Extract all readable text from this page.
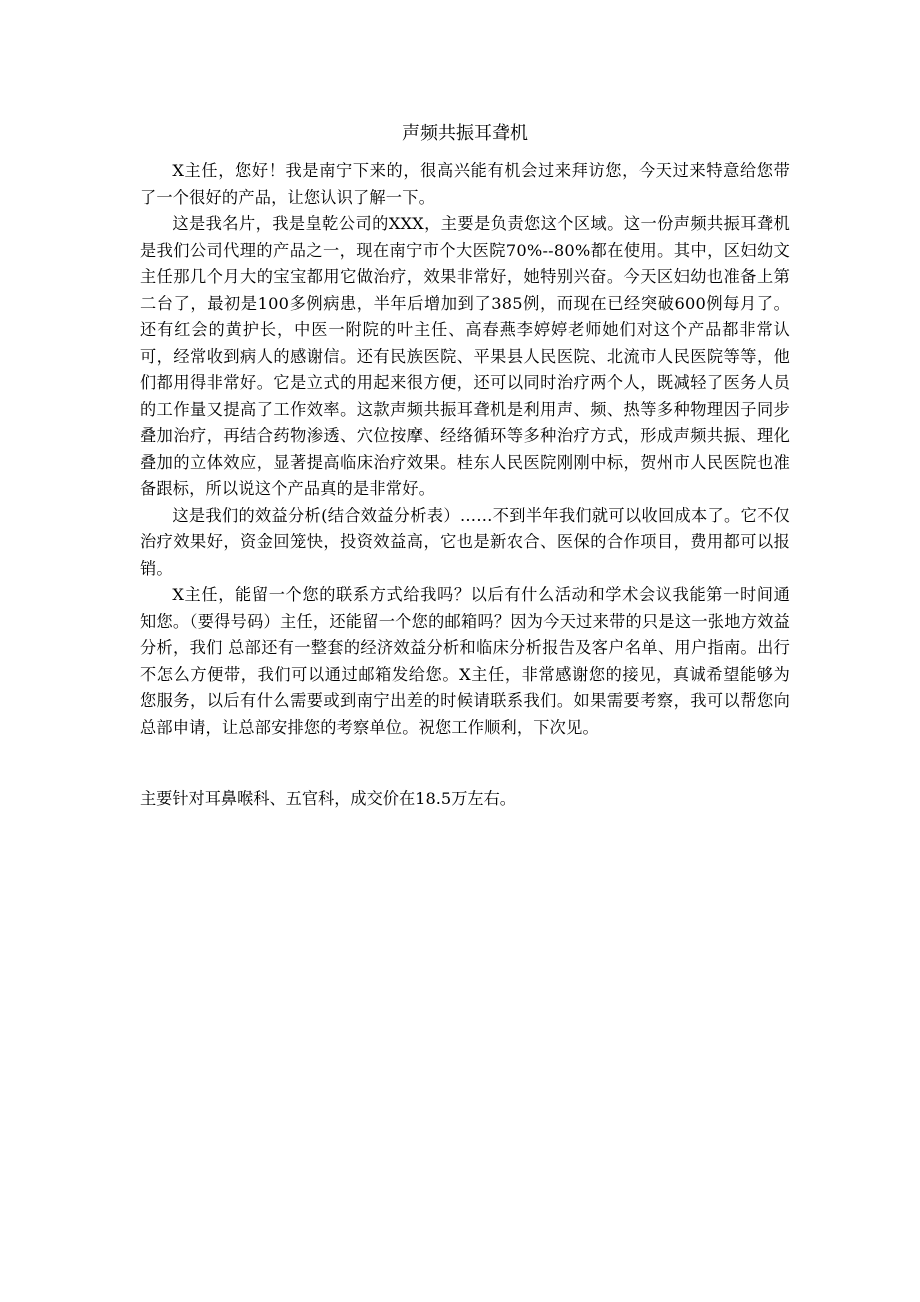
声频共振耳聋机

X主任，您好！我是南宁下来的，很高兴能有机会过来拜访您，今天过来特意给您带了一个很好的产品，让您认识了解一下。

这是我名片，我是皇乾公司的XXX，主要是负责您这个区域。这一份声频共振耳聋机是我们公司代理的产品之一，现在南宁市个大医院70%--80%都在使用。其中，区妇幼文主任那几个月大的宝宝都用它做治疗，效果非常好，她特别兴奋。今天区妇幼也准备上第二台了，最初是100多例病患，半年后增加到了385例，而现在已经突破600例每月了。还有红会的黄护长，中医一附院的叶主任、高春燕李婷婷老师她们对这个产品都非常认可，经常收到病人的感谢信。还有民族医院、平果县人民医院、北流市人民医院等等，他们都用得非常好。它是立式的用起来很方便，还可以同时治疗两个人，既减轻了医务人员的工作量又提高了工作效率。这款声频共振耳聋机是利用声、频、热等多种物理因子同步叠加治疗，再结合药物渗透、穴位按摩、经络循环等多种治疗方式，形成声频共振、理化叠加的立体效应，显著提高临床治疗效果。桂东人民医院刚刚中标，贺州市人民医院也准备跟标，所以说这个产品真的是非常好。

这是我们的效益分析(结合效益分析表）……不到半年我们就可以收回成本了。它不仅治疗效果好，资金回笼快，投资效益高，它也是新农合、医保的合作项目，费用都可以报销。

X主任，能留一个您的联系方式给我吗？以后有什么活动和学术会议我能第一时间通知您。（要得号码）主任，还能留一个您的邮箱吗？因为今天过来带的只是这一张地方效益分析，我们 总部还有一整套的经济效益分析和临床分析报告及客户名单、用户指南。出行不怎么方便带，我们可以通过邮箱发给您。X主任，非常感谢您的接见，真诚希望能够为您服务，以后有什么需要或到南宁出差的时候请联系我们。如果需要考察，我可以帮您向总部申请，让总部安排您的考察单位。祝您工作顺利，下次见。

主要针对耳鼻喉科、五官科，成交价在18.5万左右。
